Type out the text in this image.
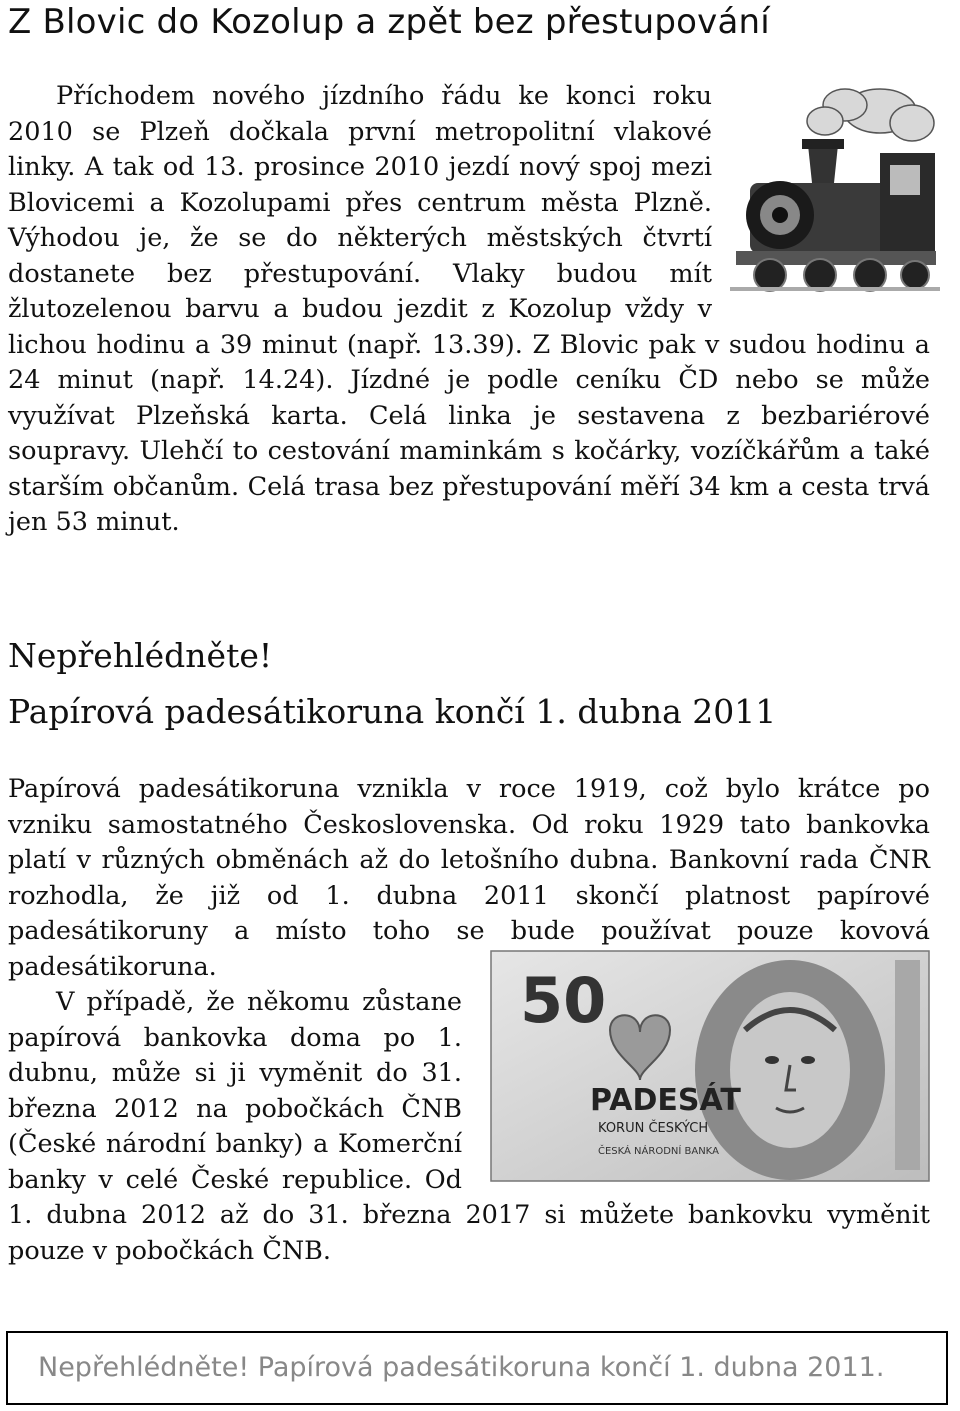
Z Blovic do Kozolup a zpět bez přestupování
Příchodem nového jízdního řádu ke konci roku 2010 se Plzeň dočkala první metropolitní vlakové linky. A tak od 13. prosince 2010 jezdí nový spoj mezi Blovicemi a Kozolupami přes centrum města Plzně. Výhodou je, že se do některých městských čtvrtí dostanete bez přestupování. Vlaky budou mít žlutozelenou barvu a budou jezdit z Kozolup vždy v lichou hodinu a 39 minut (např. 13.39). Z Blovic pak v sudou hodinu a 24 minut (např. 14.24). Jízdné je podle ceníku ČD nebo se může využívat Plzeňská karta. Celá linka je sestavena z bezbariérové soupravy. Ulehčí to cestování maminkám s kočárky, vozíčkářům a také starším občanům. Celá trasa bez přestupování měří 34 km a cesta trvá jen 53 minut.
Nepřehlédněte!
Papírová padesátikoruna končí 1. dubna 2011
Papírová padesátikoruna vznikla v roce 1919, což bylo krátce po vzniku samostatného Československa. Od roku 1929 tato bankovka platí v různých obměnách až do letošního dubna. Bankovní rada ČNR rozhodla, že již od 1. dubna 2011 skončí platnost papírové padesátikoruny a místo toho se bude používat pouze kovová padesátikoruna.	50
PADESÁT
KORUN ČESKÝCH
ČESKÁ NÁRODNÍ BANKA
V případě, že někomu zůstane papírová bankovka doma po 1. dubnu, může si ji vyměnit do 31. března 2012 na pobočkách ČNB (České národní banky) a Komerční banky v celé České republice. Od 1. dubna 2012 až do 31. března 2017 si můžete bankovku vyměnit pouze v pobočkách ČNB.
Nepřehlédněte! Papírová padesátikoruna končí 1. dubna 2011.
